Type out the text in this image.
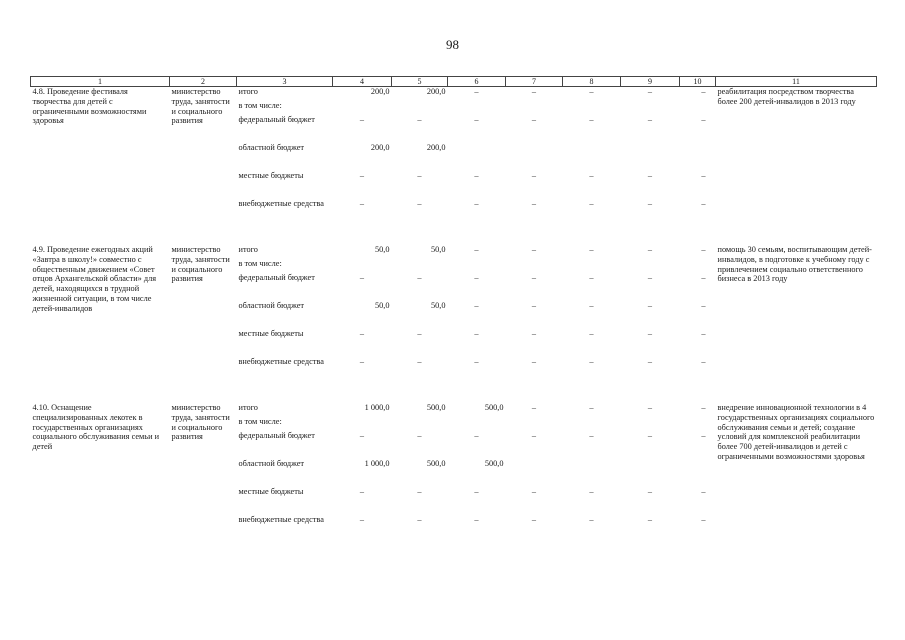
98
1	2	3	4	5	6	7	8	9	10	11
4.8. Проведение фестиваля творчества для детей с ограниченными возможностями здоровья	министерство труда, занятости и социального развития	итого	200,0	200,0	–	–	–	–	–	реабилитация посредством творчества более 200 детей-инвалидов в 2013 году
		в том числе:								
		федеральный бюджет	–	–	–	–	–	–	–	
		областной бюджет	200,0	200,0						
		местные бюджеты	–	–	–	–	–	–	–	
		внебюджетные средства	–	–	–	–	–	–	–	

4.9. Проведение ежегодных акций «Завтра в школу!» совместно с общественным движением «Совет отцов Архангельской области» для детей, находящихся в трудной жизненной ситуации, в том числе детей-инвалидов	министерство труда, занятости и социального развития	итого	50,0	50,0	–	–	–	–	–	помощь 30 семьям, воспитывающим детей-инвалидов, в подготовке к учебному году с привлечением социально ответственного бизнеса в 2013 году
		в том числе:								
		федеральный бюджет	–	–	–	–	–	–	–	
		областной бюджет	50,0	50,0	–	–	–	–	–	
		местные бюджеты	–	–	–	–	–	–	–	
		внебюджетные средства	–	–	–	–	–	–	–	

4.10. Оснащение специализированных лекотек в государственных организациях социального обслуживания семьи и детей	министерство труда, занятости и социального развития	итого	1 000,0	500,0	500,0	–	–	–	–	внедрение инновационной технологии в 4 государственных организациях социального обслуживания семьи и детей; создание условий для комплексной реабилитации более 700 детей-инвалидов и детей с ограниченными возможностями здоровья
		в том числе:								
		федеральный бюджет	–	–	–	–	–	–	–	
		областной бюджет	1 000,0	500,0	500,0					
		местные бюджеты	–	–	–	–	–	–	–	
		внебюджетные средства	–	–	–	–	–	–	–	
